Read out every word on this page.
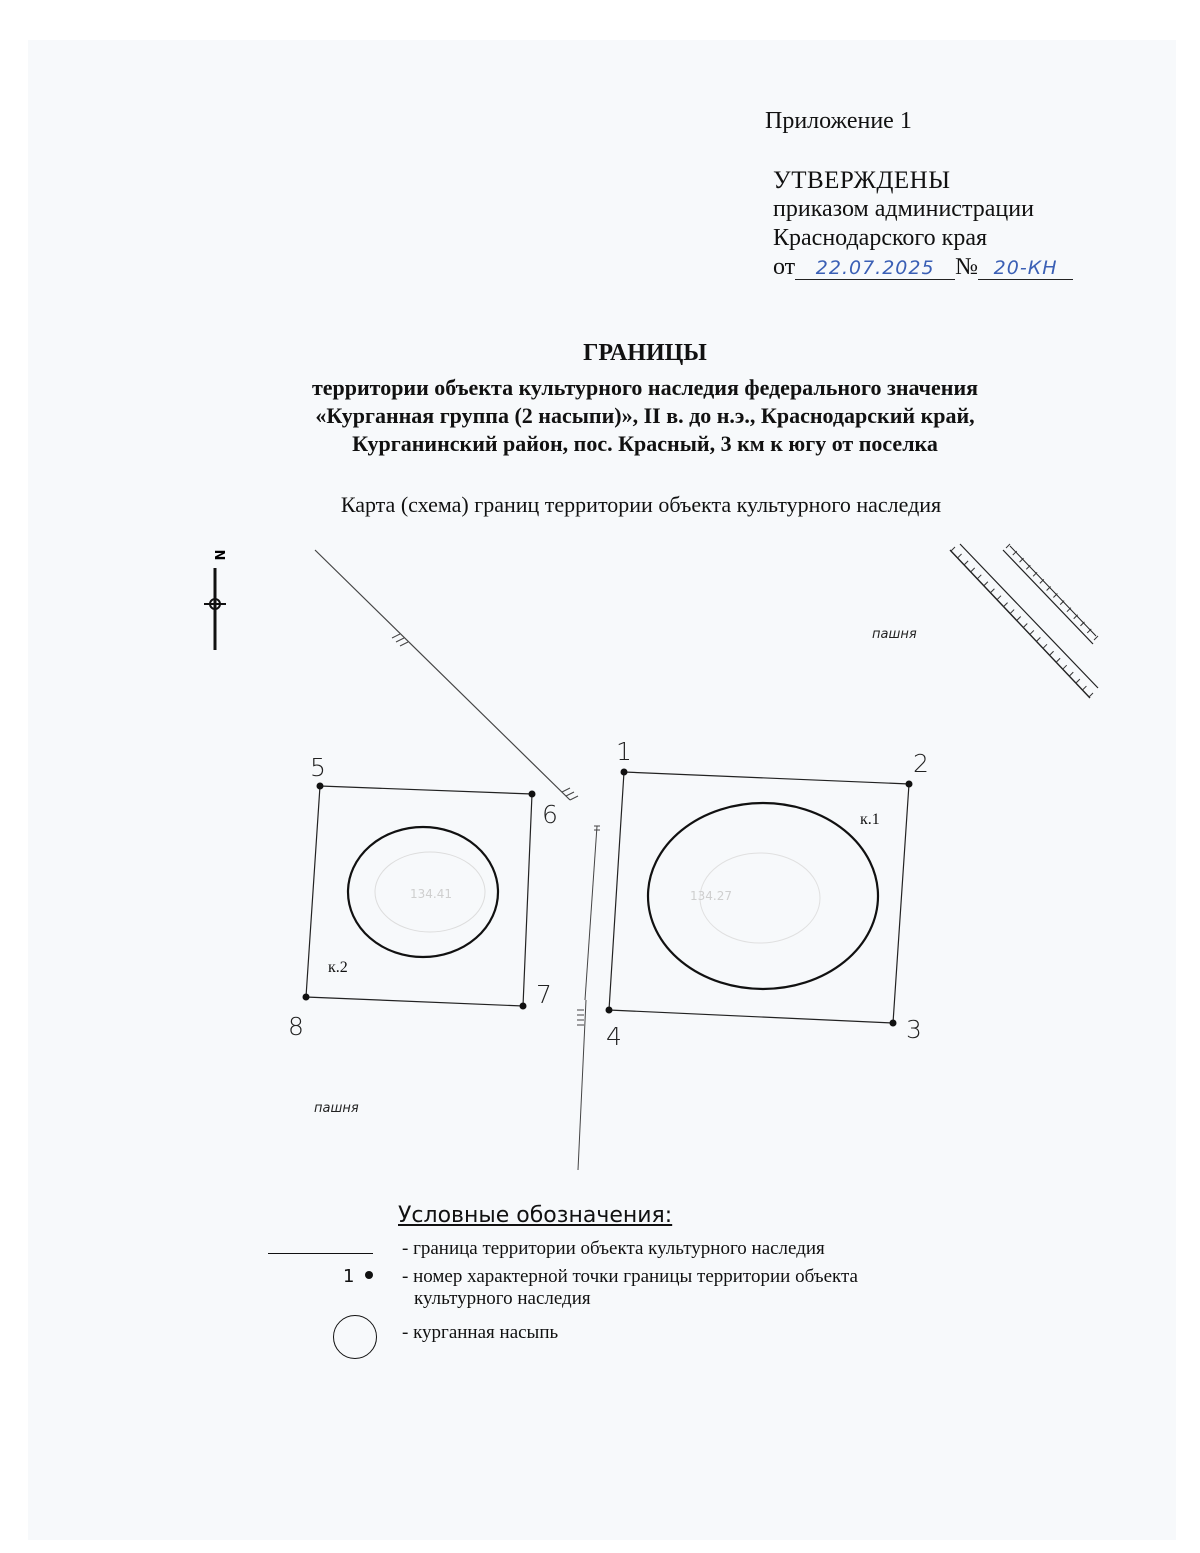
Приложение 1
УТВЕРЖДЕНЫ
приказом администрации
Краснодарского края
от 22.07.2025 № 20-КН
ГРАНИЦЫ
территории объекта культурного наследия федерального значения
«Курганная группа (2 насыпи)», II в. до н.э., Краснодарский край,
Курганинский район, пос. Красный, 3 км к югу от поселка
Карта (схема) границ территории объекта культурного наследия
N
пашня
134.41
к.2
134.27
к.1
1	2
3
4
5
6
7
8
пашня
Условные обозначения:
- граница территории объекта культурного наследия
1	- номер характерной точки границы территории объекта
культурного наследия
- курганная насыпь
